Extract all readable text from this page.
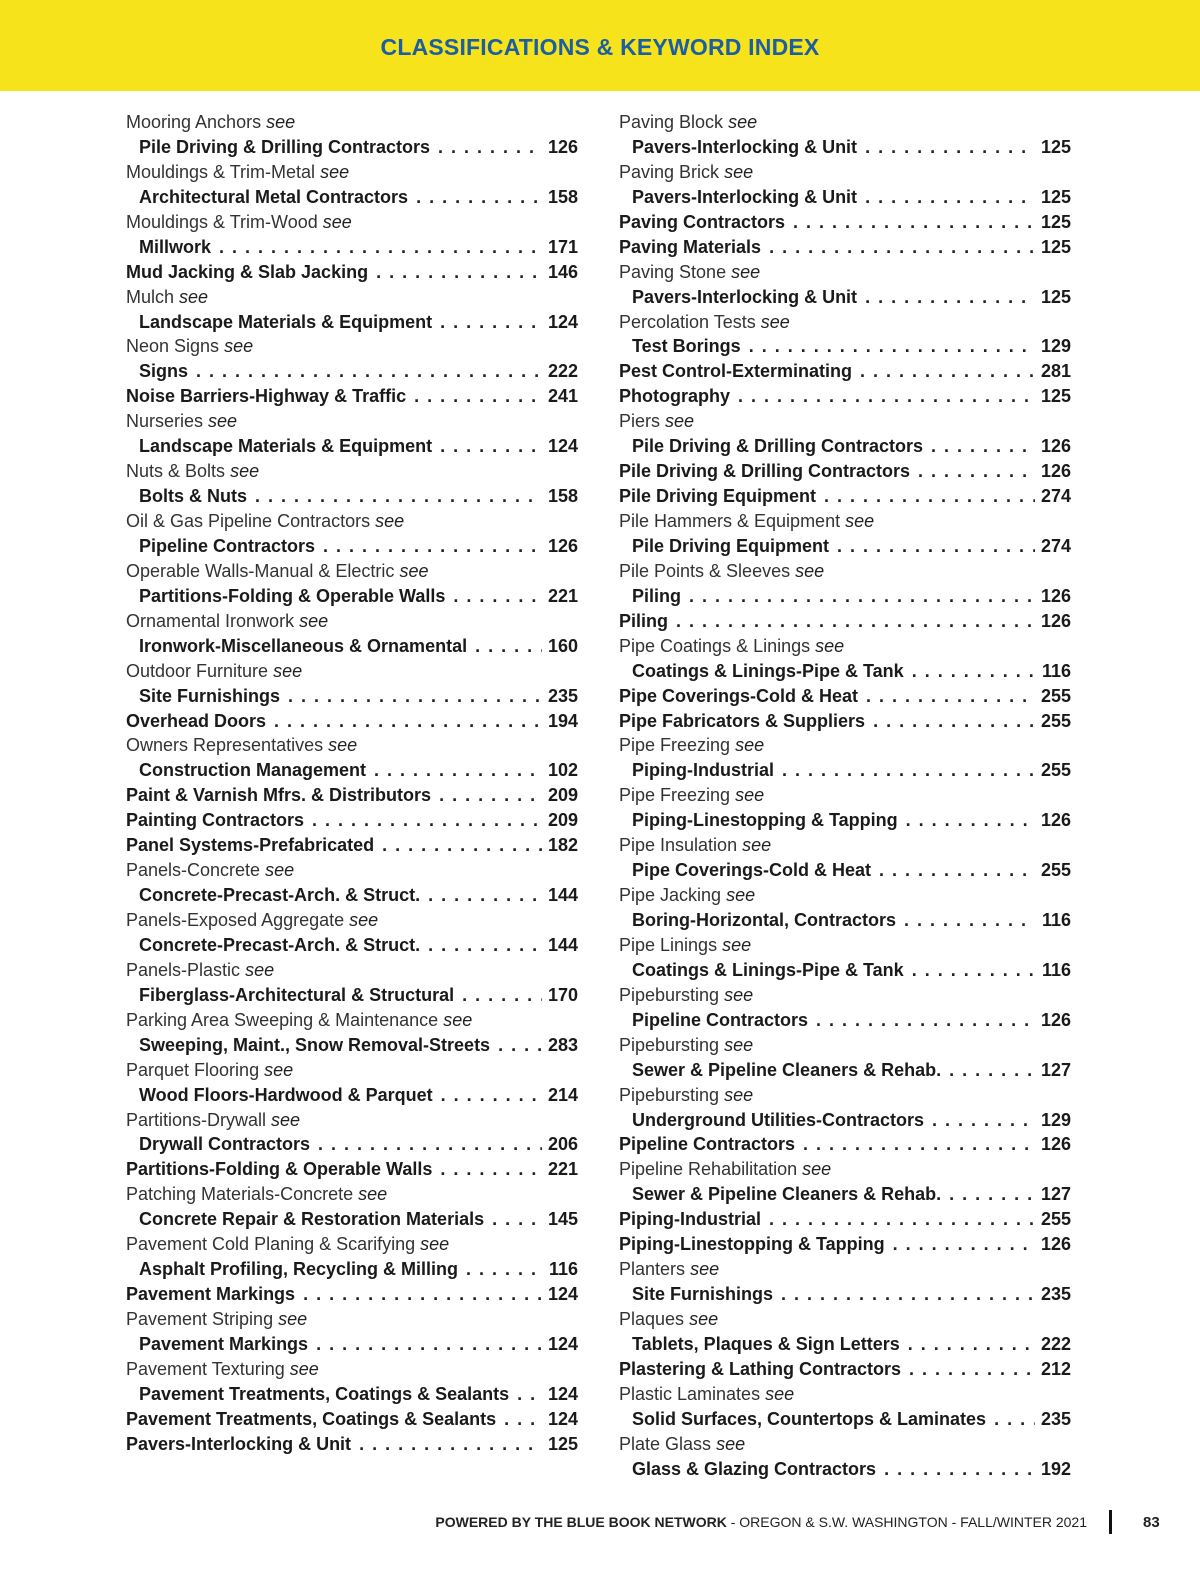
CLASSIFICATIONS & KEYWORD INDEX
Mooring Anchors see
Pile Driving & Drilling Contractors . . .	126
Mouldings & Trim-Metal see
Architectural Metal Contractors . . .	158
Mouldings & Trim-Wood see
Millwork . . .	171
Mud Jacking & Slab Jacking . . .	146
Mulch see
Landscape Materials & Equipment . . .	124
Neon Signs see
Signs . . .	222
Noise Barriers-Highway & Traffic . . .	241
Nurseries see
Landscape Materials & Equipment . . .	124
Nuts & Bolts see
Bolts & Nuts . . .	158
Oil & Gas Pipeline Contractors see
Pipeline Contractors . . .	126
Operable Walls-Manual & Electric see
Partitions-Folding & Operable Walls . . .	221
Ornamental Ironwork see
Ironwork-Miscellaneous & Ornamental . . .	160
Outdoor Furniture see
Site Furnishings . . .	235
Overhead Doors . . .	194
Owners Representatives see
Construction Management . . .	102
Paint & Varnish Mfrs. & Distributors . . .	209
Painting Contractors . . .	209
Panel Systems-Prefabricated . . .	182
Panels-Concrete see
Concrete-Precast-Arch. & Struct. . . .	144
Panels-Exposed Aggregate see
Concrete-Precast-Arch. & Struct. . . .	144
Panels-Plastic see
Fiberglass-Architectural & Structural . . .	170
Parking Area Sweeping & Maintenance see
Sweeping, Maint., Snow Removal-Streets . . .	283
Parquet Flooring see
Wood Floors-Hardwood & Parquet . . .	214
Partitions-Drywall see
Drywall Contractors . . .	206
Partitions-Folding & Operable Walls . . .	221
Patching Materials-Concrete see
Concrete Repair & Restoration Materials . . .	145
Pavement Cold Planing & Scarifying see
Asphalt Profiling, Recycling & Milling . . .	116
Pavement Markings . . .	124
Pavement Striping see
Pavement Markings . . .	124
Pavement Texturing see
Pavement Treatments, Coatings & Sealants . . . 124
Pavement Treatments, Coatings & Sealants . . .	124
Pavers-Interlocking & Unit . . .	125
Paving Block see
Pavers-Interlocking & Unit . . .	125
Paving Brick see
Pavers-Interlocking & Unit . . .	125
Paving Contractors . . .	125
Paving Materials . . .	125
Paving Stone see
Pavers-Interlocking & Unit . . .	125
Percolation Tests see
Test Borings . . .	129
Pest Control-Exterminating . . .	281
Photography . . .	125
Piers see
Pile Driving & Drilling Contractors . . .	126
Pile Driving & Drilling Contractors . . .	126
Pile Driving Equipment . . .	274
Pile Hammers & Equipment see
Pile Driving Equipment . . .	274
Pile Points & Sleeves see
Piling . . .	126
Piling . . .	126
Pipe Coatings & Linings see
Coatings & Linings-Pipe & Tank . . .	116
Pipe Coverings-Cold & Heat . . .	255
Pipe Fabricators & Suppliers . . .	255
Pipe Freezing see
Piping-Industrial . . .	255
Pipe Freezing see
Piping-Linestopping & Tapping . . .	126
Pipe Insulation see
Pipe Coverings-Cold & Heat . . .	255
Pipe Jacking see
Boring-Horizontal, Contractors . . .	116
Pipe Linings see
Coatings & Linings-Pipe & Tank . . .	116
Pipebursting see
Pipeline Contractors . . .	126
Pipebursting see
Sewer & Pipeline Cleaners & Rehab. . . .	127
Pipebursting see
Underground Utilities-Contractors . . .	129
Pipeline Contractors . . .	126
Pipeline Rehabilitation see
Sewer & Pipeline Cleaners & Rehab. . . .	127
Piping-Industrial . . .	255
Piping-Linestopping & Tapping . . .	126
Planters see
Site Furnishings . . .	235
Plaques see
Tablets, Plaques & Sign Letters . . .	222
Plastering & Lathing Contractors . . .	212
Plastic Laminates see
Solid Surfaces, Countertops & Laminates . . .	235
Plate Glass see
Glass & Glazing Contractors . . .	192
POWERED BY THE BLUE BOOK NETWORK - OREGON & S.W. WASHINGTON - FALL/WINTER 2021	83
